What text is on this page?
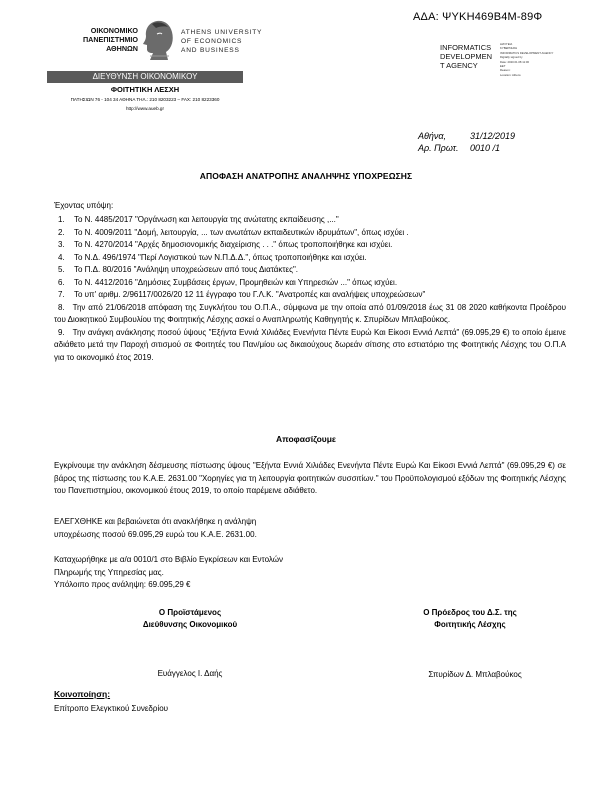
ΑΔΑ: ΨΥΚΗ469Β4Μ-89Φ
ΟΙΚΟΝΟΜΙΚΟ
ΠΑΝΕΠΙΣΤΗΜΙΟ
ΑΘΗΝΩΝ
ATHENS UNIVERSITY
OF ECONOMICS
AND BUSINESS	INFORMATICS
DEVELOPMEN
T AGENCY
ΔΙΑΥΓΕΙΑ
ΚΥΒΕΡΝΗΣΗ
INFORMATICS DEVELOPMENT AGENCY
Digitally signed by
Date: 2020.01.08 11:00
EET
Reason:
Location: Athens
ΔΙΕΥΘΥΝΣΗ ΟΙΚΟΝΟΜΙΚΟΥ
ΦΟΙΤΗΤΙΚΗ ΛΕΣΧΗ
ΠΑΤΗΣΙΩΝ 76 - 104 34 ΑΘΗΝΑ ΤΗΛ.: 210 8203223 – FAX: 210 8223360
http://www.aueb.gr
Αθήνα,	31/12/2019
Αρ. Πρωτ. 0010 /1
ΑΠΟΦΑΣΗ ΑΝΑΤΡΟΠΗΣ ΑΝΑΛΗΨΗΣ ΥΠΟΧΡΕΩΣΗΣ
Έχοντας υπόψη:
1. Το Ν. 4485/2017 "Οργάνωση και λειτουργία της ανώτατης εκπαίδευσης ,..."
2. Το Ν. 4009/2011 "Δομή, λειτουργία, ... των ανωτάτων εκπαιδευτικών ιδρυμάτων", όπως ισχύει .
3. Το Ν. 4270/2014 "Αρχές δημοσιονομικής διαχείρισης . . ." όπως τροποποιήθηκε και ισχύει.
4. Το Ν.Δ. 496/1974 "Περί Λογιστικού των Ν.Π.Δ.Δ.", όπως τροποποιήθηκε και ισχύει.
5. Το Π.Δ. 80/2016 "Ανάληψη υποχρεώσεων από τους Διατάκτες".
6. Το Ν. 4412/2016 "Δημόσιες Συμβάσεις έργων, Προμηθειών και Υπηρεσιών ..." όπως ισχύει.
7. Το υπ' αριθμ. 2/96117/0026/20 12 11 έγγραφο του Γ.Λ.Κ. "Ανατροπές και αναλήψεις υποχρεώσεων"
8. Την από 21/06/2018 απόφαση της Συγκλήτου του Ο.Π.Α., σύμφωνα με την οποία από 01/09/2018 έως 31 08 2020 καθήκοντα Προέδρου του Διοικητικού Συμβουλίου της Φοιτητικής Λέσχης ασκεί ο Αναπληρωτής Καθηγητής κ. Σπυρίδων Μπλαβούκος.
9. Την ανάγκη ανάκλησης ποσού ύψους "Εξήντα Εννιά Χιλιάδες Ενενήντα Πέντε Ευρώ Και Είκοσι Εννιά Λεπτά" (69.095,29 €) το οποίο έμεινε αδιάθετο μετά την Παροχή σιτισμού σε Φοιτητές του Παν/μίου ως δικαιούχους δωρεάν σίτισης στο εστιατόριο της Φοιτητικής Λέσχης του Ο.Π.Α για το οικονομικό έτος 2019.
Αποφασίζουμε
Εγκρίνουμε την ανάκληση δέσμευσης πίστωσης ύψους "Εξήντα Εννιά Χιλιάδες Ενενήντα Πέντε Ευρώ Και Είκοσι Εννιά Λεπτά" (69.095,29 €) σε βάρος της πίστωσης του Κ.Α.Ε. 2631.00 "Χορηγίες για τη λειτουργία φοιτητικών συσσιτίων." του Προϋπολογισμού εξόδων της Φοιτητικής Λέσχης του Πανεπιστημίου, οικονομικού έτους 2019, το οποίο παρέμεινε αδιάθετο.
ΕΛΕΓΧΘΗΚΕ και βεβαιώνεται ότι ανακλήθηκε η ανάληψη
υποχρέωσης ποσού 69.095,29 ευρώ του Κ.Α.Ε. 2631.00.
Καταχωρήθηκε με α/α 0010/1 στο Βιβλίο Εγκρίσεων και Εντολών
Πληρωμής της Υπηρεσίας μας.
Υπόλοιπο προς ανάληψη: 69.095,29 €
Ο Προϊστάμενος
Διεύθυνσης Οικονομικού
Ο Πρόεδρος του Δ.Σ. της
Φοιτητικής Λέσχης
Ευάγγελος Ι. Δαής	Σπυρίδων Δ. Μπλαβούκος
Κοινοποίηση:
Επίτροπο Ελεγκτικού Συνεδρίου
